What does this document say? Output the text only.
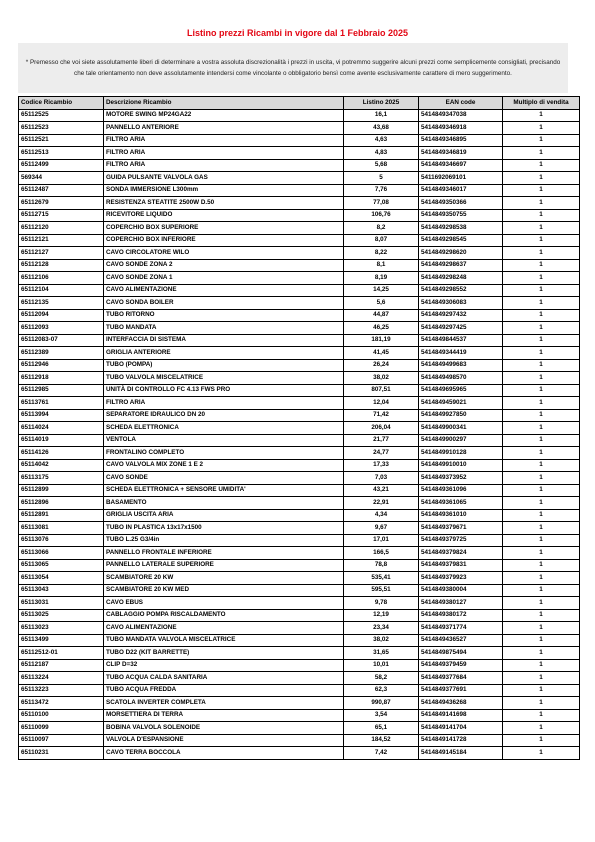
Listino prezzi Ricambi in vigore dal 1 Febbraio 2025
* Premesso che voi siete assolutamente liberi di determinare a vostra assoluta discrezionalità i prezzi in uscita, vi potremmo suggerire alcuni prezzi come semplicemente consigliati, precisando che tale orientamento non deve assolutamente intendersi come vincolante o obbligatorio bensì come avente esclusivamente carattere di mero suggerimento.
Codice Ricambio	Descrizione Ricambio	Listino 2025	EAN code	Multiplo di vendita
65112525	MOTORE SWING MP24GA22	16,1	5414849347038	1
65112523	PANNELLO ANTERIORE	43,68	5414849346918	1
65112521	FILTRO ARIA	4,63	5414849346895	1
65112513	FILTRO ARIA	4,83	5414849346819	1
65112499	FILTRO ARIA	5,68	5414849346697	1
569344	GUIDA PULSANTE VALVOLA GAS	5	5411692069101	1
65112487	SONDA IMMERSIONE L300mm	7,76	5414849346017	1
65112679	RESISTENZA STEATITE 2500W D.50	77,08	5414849350366	1
65112715	RICEVITORE LIQUIDO	106,76	5414849350755	1
65112120	COPERCHIO BOX SUPERIORE	8,2	5414849298538	1
65112121	COPERCHIO BOX INFERIORE	8,07	5414849298545	1
65112127	CAVO CIRCOLATORE WILO	8,22	5414849298620	1
65112128	CAVO SONDE ZONA 2	8,1	5414849298637	1
65112106	CAVO SONDE ZONA 1	8,19	5414849298248	1
65112104	CAVO ALIMENTAZIONE	14,25	5414849298552	1
65112135	CAVO SONDA BOILER	5,6	5414849306083	1
65112094	TUBO RITORNO	44,87	5414849297432	1
65112093	TUBO MANDATA	46,25	5414849297425	1
65112083-07	INTERFACCIA DI SISTEMA	181,19	5414849844537	1
65112389	GRIGLIA ANTERIORE	41,45	5414849344419	1
65112946	TUBO (POMPA)	26,24	5414849499683	1
65112918	TUBO VALVOLA MISCELATRICE	38,02	5414849498570	1
65112985	UNITÀ DI CONTROLLO FC 4.13 FWS PRO	807,51	5414849695965	1
65113761	FILTRO ARIA	12,04	5414849459021	1
65113994	SEPARATORE IDRAULICO DN 20	71,42	5414849927850	1
65114024	SCHEDA ELETTRONICA	206,04	5414849900341	1
65114019	VENTOLA	21,77	5414849900297	1
65114126	FRONTALINO COMPLETO	24,77	5414849910128	1
65114042	CAVO VALVOLA MIX ZONE 1 E 2	17,33	5414849910010	1
65113175	CAVO SONDE	7,03	5414849373952	1
65112899	SCHEDA ELETTRONICA + SENSORE UMIDITA'	43,21	5414849361096	1
65112896	BASAMENTO	22,91	5414849361065	1
65112891	GRIGLIA USCITA ARIA	4,34	5414849361010	1
65113081	TUBO IN PLASTICA 13x17x1500	9,67	5414849379671	1
65113076	TUBO L.25 G3/4in	17,01	5414849379725	1
65113066	PANNELLO FRONTALE INFERIORE	166,5	5414849379824	1
65113065	PANNELLO LATERALE SUPERIORE	78,8	5414849379831	1
65113054	SCAMBIATORE 20 KW	535,41	5414849379923	1
65113043	SCAMBIATORE 20 KW MED	595,51	5414849380004	1
65113031	CAVO EBUS	9,78	5414849380127	1
65113025	CABLAGGIO POMPA RISCALDAMENTO	12,19	5414849380172	1
65113023	CAVO ALIMENTAZIONE	23,34	5414849371774	1
65113499	TUBO MANDATA VALVOLA MISCELATRICE	38,02	5414849436527	1
65112512-01	TUBO D22 (KIT BARRETTE)	31,65	5414849875494	1
65112187	CLIP D=32	10,01	5414849379459	1
65113224	TUBO ACQUA CALDA SANITARIA	58,2	5414849377684	1
65113223	TUBO ACQUA FREDDA	62,3	5414849377691	1
65113472	SCATOLA INVERTER COMPLETA	990,87	5414849436268	1
65110100	MORSETTIERA DI TERRA	3,54	5414849141698	1
65110099	BOBINA VALVOLA SOLENOIDE	65,1	5414849141704	1
65110097	VALVOLA D'ESPANSIONE	184,52	5414849141728	1
65110231	CAVO TERRA BOCCOLA	7,42	5414849145184	1
